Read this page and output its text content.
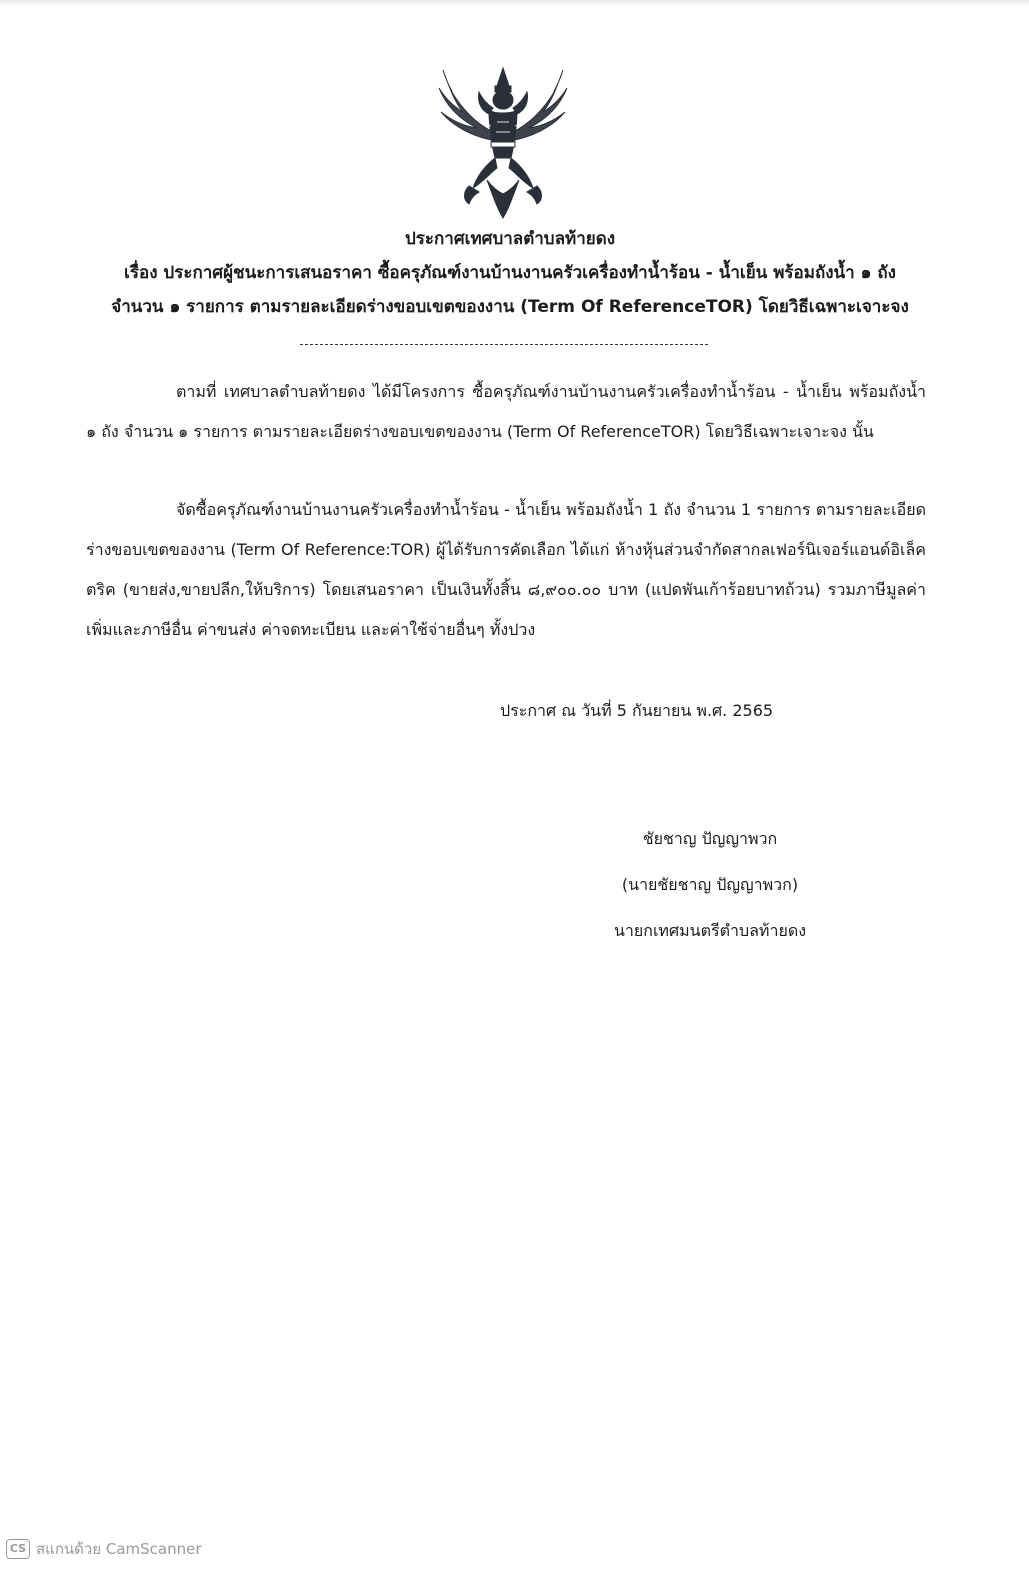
ประกาศเทศบาลตำบลท้ายดง
เรื่อง ประกาศผู้ชนะการเสนอราคา ซื้อครุภัณฑ์งานบ้านงานครัวเครื่องทำน้ำร้อน - น้ำเย็น พร้อมถังน้ำ ๑ ถัง
จำนวน ๑ รายการ ตามรายละเอียดร่างขอบเขตของงาน (Term Of ReferenceTOR) โดยวิธีเฉพาะเจาะจง
ตามที่ เทศบาลตำบลท้ายดง ได้มีโครงการ ซื้อครุภัณฑ์งานบ้านงานครัวเครื่องทำน้ำร้อน - น้ำเย็น พร้อมถังน้ำ ๑ ถัง จำนวน ๑ รายการ ตามรายละเอียดร่างขอบเขตของงาน (Term Of ReferenceTOR) โดยวิธีเฉพาะเจาะจง นั้น
จัดซื้อครุภัณฑ์งานบ้านงานครัวเครื่องทำน้ำร้อน - น้ำเย็น พร้อมถังน้ำ 1 ถัง จำนวน 1 รายการ ตามรายละเอียดร่างขอบเขตของงาน (Term Of Reference:TOR) ผู้ได้รับการคัดเลือก ได้แก่ ห้างหุ้นส่วนจำกัดสากลเฟอร์นิเจอร์แอนด์อิเล็คตริค (ขายส่ง,ขายปลีก,ให้บริการ) โดยเสนอราคา เป็นเงินทั้งสิ้น ๘,๙๐๐.๐๐ บาท (แปดพันเก้าร้อยบาทถ้วน) รวมภาษีมูลค่าเพิ่มและภาษีอื่น ค่าขนส่ง ค่าจดทะเบียน และค่าใช้จ่ายอื่นๆ ทั้งปวง
ประกาศ ณ วันที่ 5 กันยายน พ.ศ. 2565
ชัยชาญ ปัญญาพวก
(นายชัยชาญ ปัญญาพวก)
นายกเทศมนตรีตำบลท้ายดง
CS สแกนด้วย CamScanner
